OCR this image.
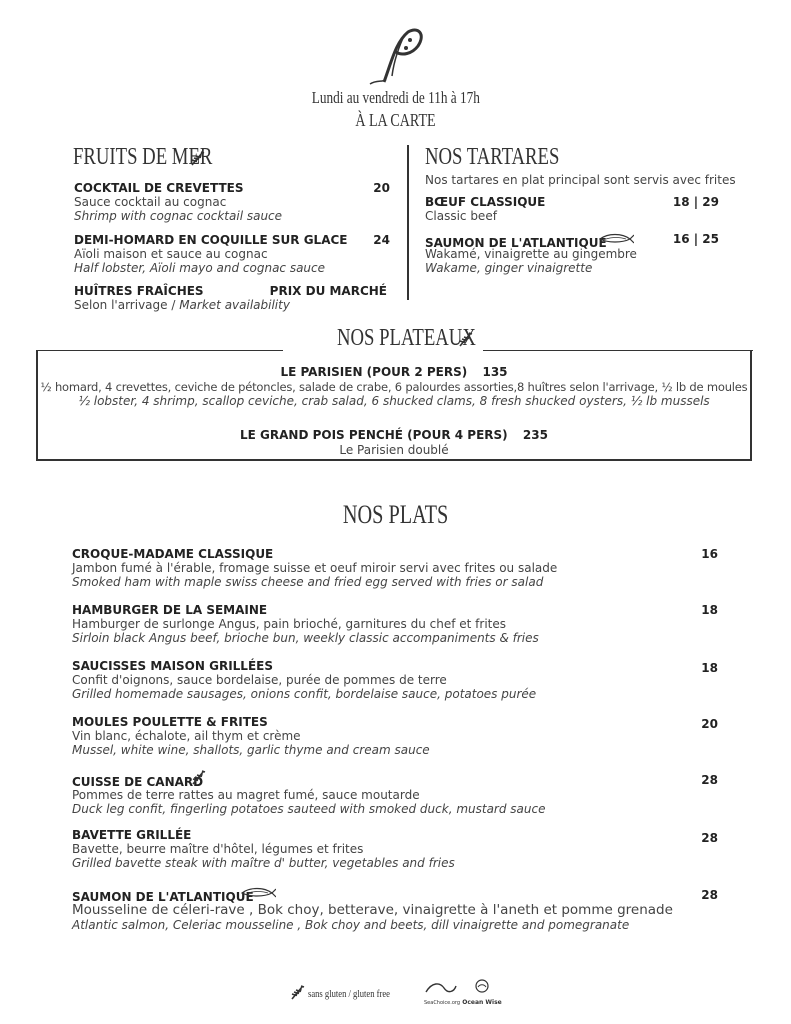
Lundi au vendredi de 11h à 17h
À LA CARTE
FRUITS DE MER
COCKTAIL DE CREVETTES	20
Sauce cocktail au cognac
Shrimp with cognac cocktail sauce
DEMI-HOMARD EN COQUILLE SUR GLACE	24
Aïoli maison et sauce au cognac
Half lobster, Aïoli mayo and cognac sauce
HUÎTRES FRAÎCHES	PRIX DU MARCHÉ
Selon l'arrivage / Market availability
NOS TARTARES
Nos tartares en plat principal sont servis avec frites
BŒUF CLASSIQUE	18 | 29
Classic beef
SAUMON DE L'ATLANTIQUE	16 | 25
Wakamé, vinaigrette au gingembre
Wakame, ginger vinaigrette
NOS PLATEAUX
LE PARISIEN (POUR 2 PERS) 135
½ homard, 4 crevettes, ceviche de pétoncles, salade de crabe, 6 palourdes assorties,8 huîtres selon l'arrivage, ½ lb de moules
½ lobster, 4 shrimp, scallop ceviche, crab salad, 6 shucked clams, 8 fresh shucked oysters, ½ lb mussels
LE GRAND POIS PENCHÉ (POUR 4 PERS) 235
Le Parisien doublé
NOS PLATS
CROQUE-MADAME CLASSIQUE	16
Jambon fumé à l'érable, fromage suisse et oeuf miroir servi avec frites ou salade
Smoked ham with maple swiss cheese and fried egg served with fries or salad
HAMBURGER DE LA SEMAINE	18
Hamburger de surlonge Angus, pain brioché, garnitures du chef et frites
Sirloin black Angus beef, brioche bun, weekly classic accompaniments & fries
SAUCISSES MAISON GRILLÉES	18
Confit d'oignons, sauce bordelaise, purée de pommes de terre
Grilled homemade sausages, onions confit, bordelaise sauce, potatoes purée
MOULES POULETTE & FRITES	20
Vin blanc, échalote, ail thym et crème
Mussel, white wine, shallots, garlic thyme and cream sauce
CUISSE DE CANARD	28
Pommes de terre rattes au magret fumé, sauce moutarde
Duck leg confit, fingerling potatoes sauteed with smoked duck, mustard sauce
BAVETTE GRILLÉE	28
Bavette, beurre maître d'hôtel, légumes et frites
Grilled bavette steak with maître d' butter, vegetables and fries
SAUMON DE L'ATLANTIQUE	28
Mousseline de céleri-rave , Bok choy, betterave, vinaigrette à l'aneth et pomme grenade
Atlantic salmon, Celeriac mousseline , Bok choy and beets, dill vinaigrette and pomegranate
sans gluten / gluten free
SeaChoice.org Ocean Wise
